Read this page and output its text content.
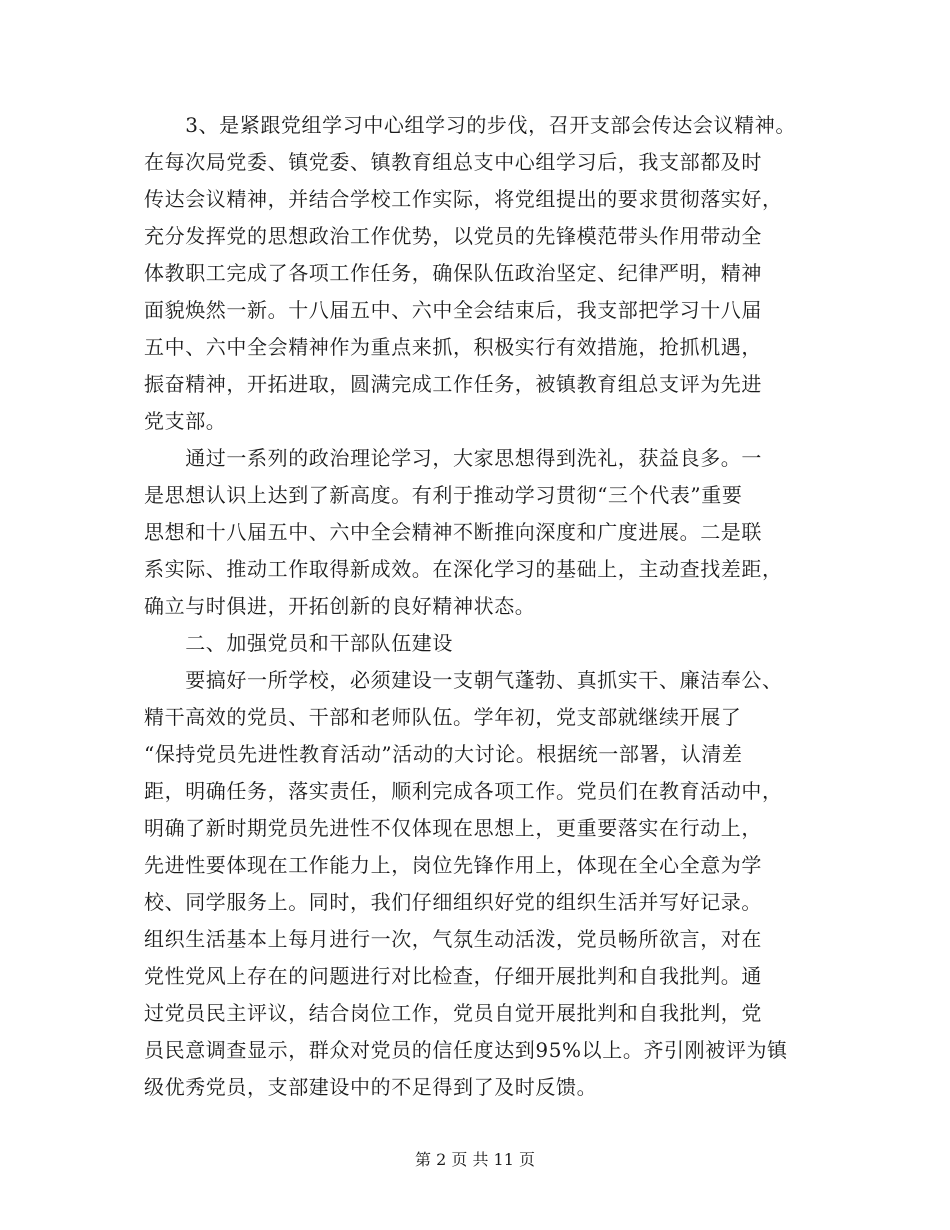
　　3、是紧跟党组学习中心组学习的步伐，召开支部会传达会议精神。
在每次局党委、镇党委、镇教育组总支中心组学习后，我支部都及时
传达会议精神，并结合学校工作实际，将党组提出的要求贯彻落实好，
充分发挥党的思想政治工作优势，以党员的先锋模范带头作用带动全
体教职工完成了各项工作任务，确保队伍政治坚定、纪律严明，精神
面貌焕然一新。十八届五中、六中全会结束后，我支部把学习十八届
五中、六中全会精神作为重点来抓，积极实行有效措施，抢抓机遇，
振奋精神，开拓进取，圆满完成工作任务，被镇教育组总支评为先进
党支部。
　　通过一系列的政治理论学习，大家思想得到洗礼，获益良多。一
是思想认识上达到了新高度。有利于推动学习贯彻“三个代表”重要
思想和十八届五中、六中全会精神不断推向深度和广度进展。二是联
系实际、推动工作取得新成效。在深化学习的基础上，主动查找差距，
确立与时俱进，开拓创新的良好精神状态。
　　二、加强党员和干部队伍建设
　　要搞好一所学校，必须建设一支朝气蓬勃、真抓实干、廉洁奉公、
精干高效的党员、干部和老师队伍。学年初，党支部就继续开展了
“保持党员先进性教育活动”活动的大讨论。根据统一部署，认清差
距，明确任务，落实责任，顺利完成各项工作。党员们在教育活动中，
明确了新时期党员先进性不仅体现在思想上，更重要落实在行动上，
先进性要体现在工作能力上，岗位先锋作用上，体现在全心全意为学
校、同学服务上。同时，我们仔细组织好党的组织生活并写好记录。
组织生活基本上每月进行一次，气氛生动活泼，党员畅所欲言，对在
党性党风上存在的问题进行对比检查，仔细开展批判和自我批判。通
过党员民主评议，结合岗位工作，党员自觉开展批判和自我批判，党
员民意调查显示，群众对党员的信任度达到95%以上。齐引刚被评为镇
级优秀党员，支部建设中的不足得到了及时反馈。
第 2 页 共 11 页
